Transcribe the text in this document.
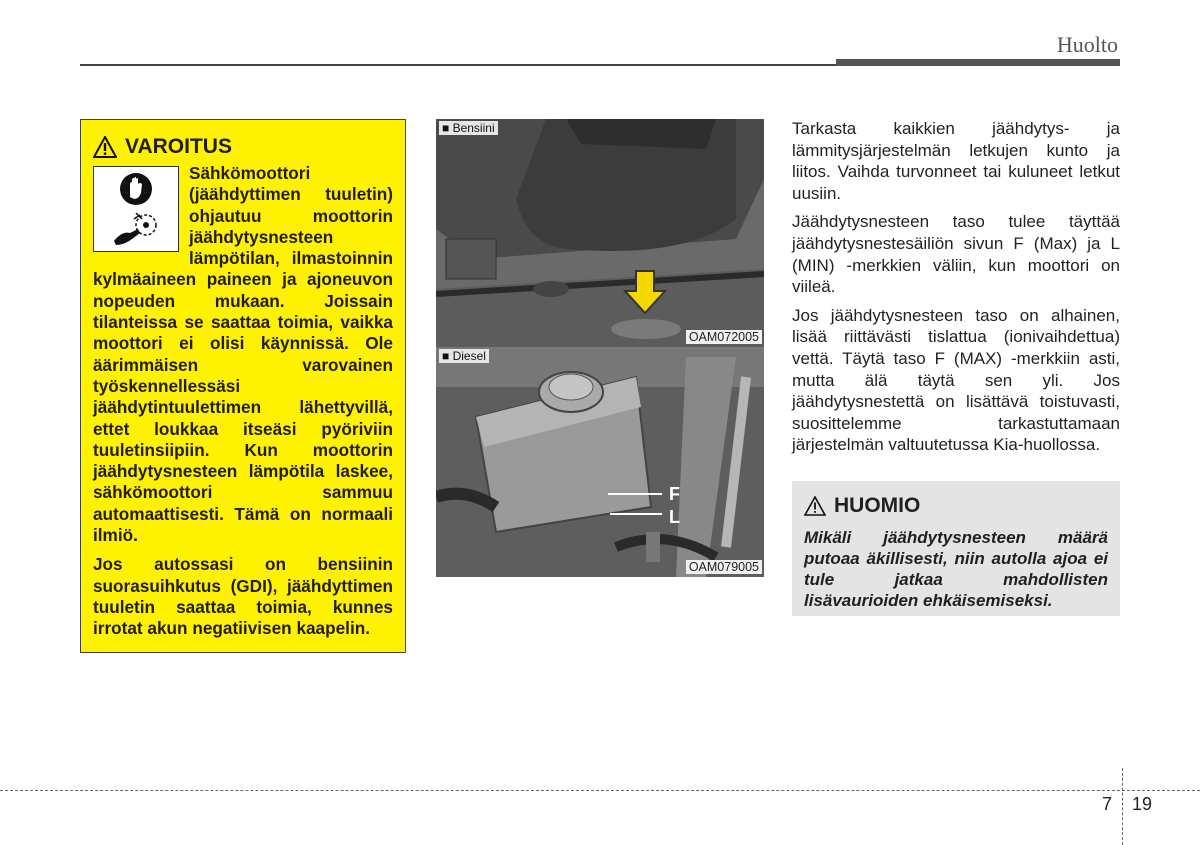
Huolto
VAROITUS

Sähkömoottori (jäähdyttimen tuuletin) ohjautuu moottorin jäähdytysnesteen lämpötilan, ilmastoinnin kylmäaineen paineen ja ajoneuvon nopeuden mukaan. Joissain tilanteissa se saattaa toimia, vaikka moottori ei olisi käynnissä. Ole äärimmäisen varovainen työskennellessäsi jäähdytintuulettimen lähettyvillä, ettet loukkaa itseäsi pyöriviin tuuletinsiipiin. Kun moottorin jäähdytysnesteen lämpötila laskee, sähkömoottori sammuu automaattisesti. Tämä on normaali ilmiö.

Jos autossasi on bensiinin suorasuihkutus (GDI), jäähdyttimen tuuletin saattaa toimia, kunnes irrotat akun negatiivisen kaapelin.

■ Bensiini
OAM072005
F
L
■ Diesel
OAM079005

Tarkasta kaikkien jäähdytys- ja lämmitysjärjestelmän letkujen kunto ja liitos. Vaihda turvonneet tai kuluneet letkut uusiin.

Jäähdytysnesteen taso tulee täyttää jäähdytysnestesäiliön sivun F (Max) ja L (MIN) -merkkien väliin, kun moottori on viileä.

Jos jäähdytysnesteen taso on alhainen, lisää riittävästi tislattua (ionivaihdettua) vettä. Täytä taso F (MAX) -merkkiin asti, mutta älä täytä sen yli. Jos jäähdytysnestettä on lisättävä toistuvasti, suosittelemme tarkastuttamaan järjestelmän valtuutetussa Kia-huollossa.

HUOMIO
Mikäli jäähdytysnesteen määrä putoaa äkillisesti, niin autolla ajoa ei tule jatkaa mahdollisten lisävaurioiden ehkäisemiseksi.
7 19
